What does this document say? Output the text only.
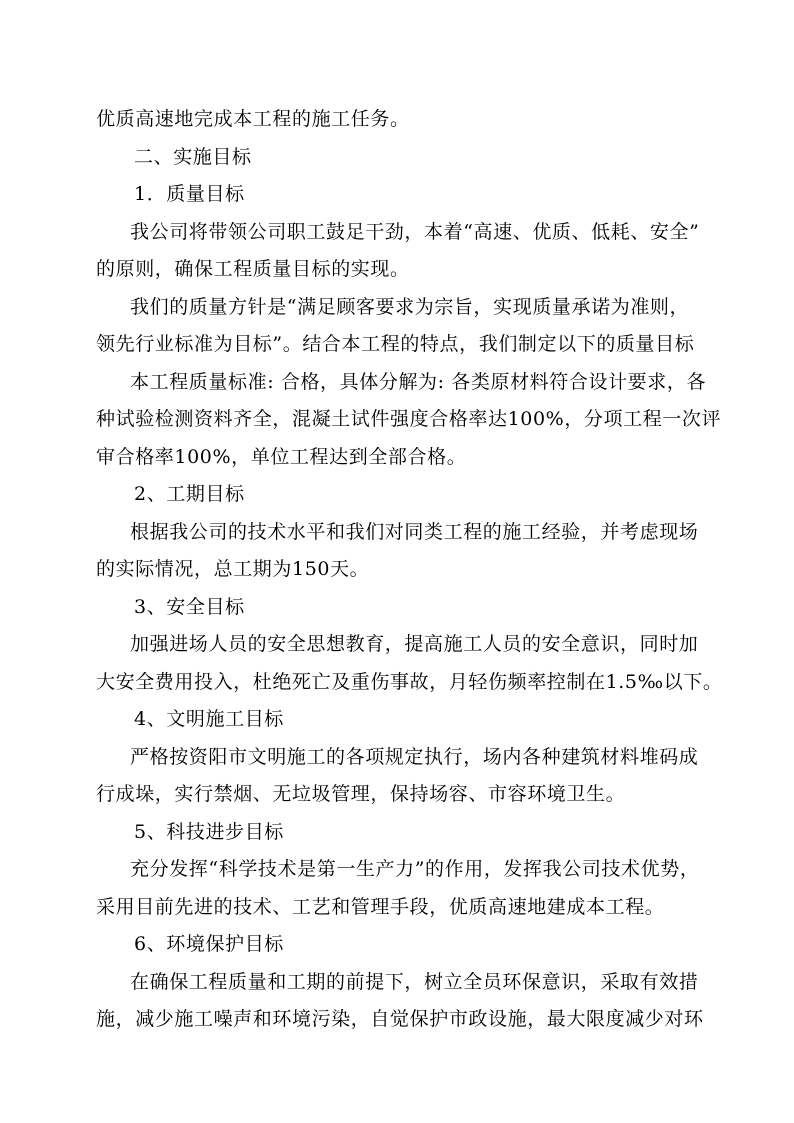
优质高速地完成本工程的施工任务。
二、实施目标
1．质量目标
我公司将带领公司职工鼓足干劲，本着“高速、优质、低耗、安全”
的原则，确保工程质量目标的实现。
我们的质量方针是“满足顾客要求为宗旨，实现质量承诺为准则，
领先行业标准为目标”。结合本工程的特点，我们制定以下的质量目标
本工程质量标准: 合格，具体分解为: 各类原材料符合设计要求，各
种试验检测资料齐全，混凝土试件强度合格率达100%，分项工程一次评
审合格率100%，单位工程达到全部合格。
2、工期目标
根据我公司的技术水平和我们对同类工程的施工经验，并考虑现场
的实际情况，总工期为150天。
3、安全目标
加强进场人员的安全思想教育，提高施工人员的安全意识，同时加
大安全费用投入，杜绝死亡及重伤事故，月轻伤频率控制在1.5‰以下。
4、文明施工目标
严格按资阳市文明施工的各项规定执行，场内各种建筑材料堆码成
行成垛，实行禁烟、无垃圾管理，保持场容、市容环境卫生。
5、科技进步目标
充分发挥“科学技术是第一生产力”的作用，发挥我公司技术优势，
采用目前先进的技术、工艺和管理手段，优质高速地建成本工程。
6、环境保护目标
在确保工程质量和工期的前提下，树立全员环保意识，采取有效措
施，减少施工噪声和环境污染，自觉保护市政设施，最大限度减少对环
